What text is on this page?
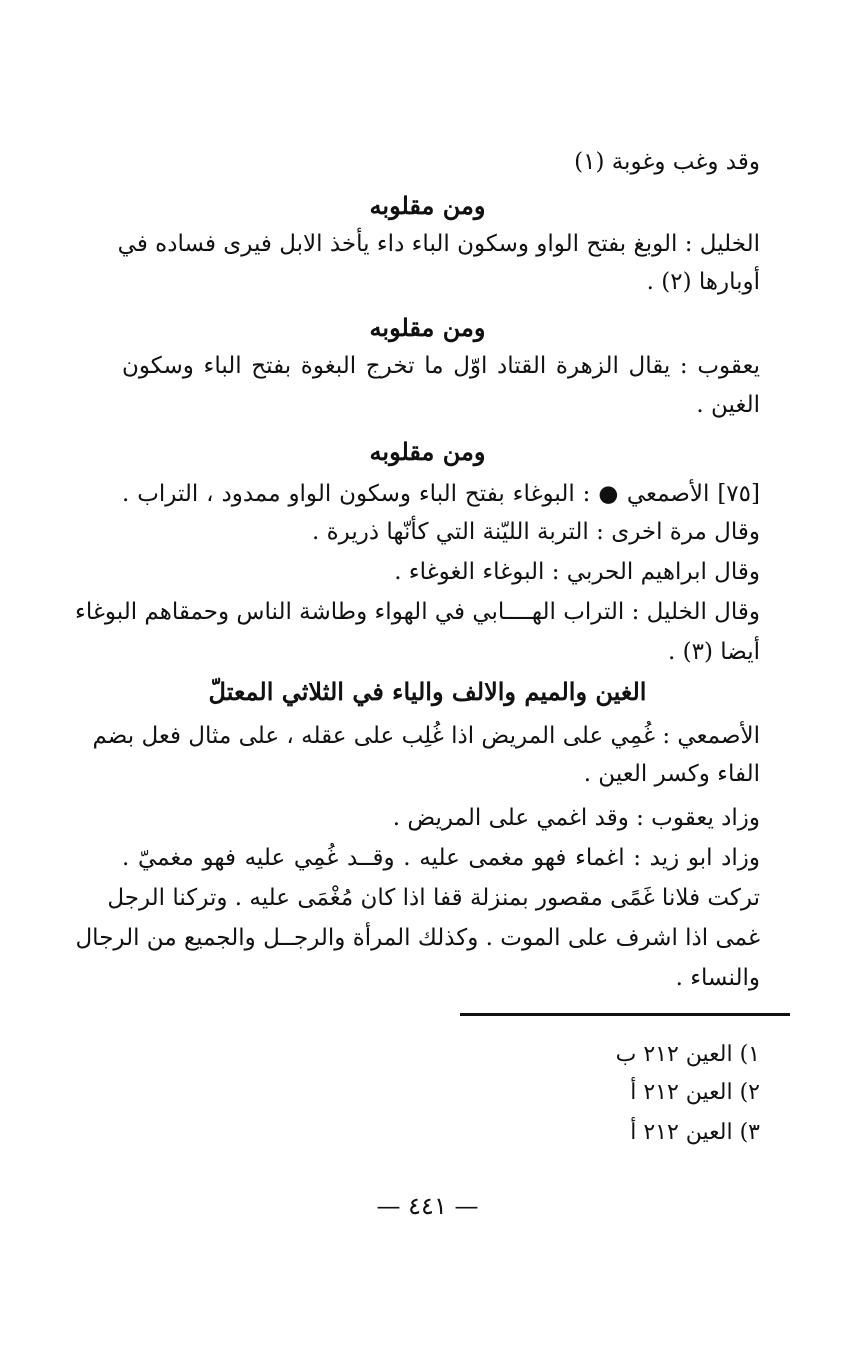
وقد وغب وغوبة (١)
ومن مقلوبه
الخليل : الوبغ بفتح الواو وسكون الباء داء يأخذ الابل فيرى فساده في
أوبارها (٢) .
ومن مقلوبه
يعقوب : يقال الزهرة القتاد اوّل ما تخرج البغوة بفتح الباء وسكون
الغين .
ومن مقلوبه
[٧٥] الأصمعي ● : البوغاء بفتح الباء وسكون الواو ممدود ، التراب .
وقال مرة اخرى : التربة الليّنة التي كأنّها ذريرة .
وقال ابراهيم الحربي : البوغاء الغوغاء .
وقال الخليل : التراب الهــــابي في الهواء وطاشة الناس وحمقاهم البوغاء
أيضا (٣) .
الغين والميم والالف والياء في الثلاثي المعتلّ
الأصمعي : غُمِي على المريض اذا غُلِب على عقله ، على مثال فعل بضم
الفاء وكسر العين .
وزاد يعقوب : وقد اغمي على المريض .
وزاد ابو زيد : اغماء فهو مغمى عليه . وقــد غُمِي عليه فهو مغميّ .
تركت فلانا غَمًى مقصور بمنزلة قفا اذا كان مُغْمَى عليه . وتركنا الرجل
غمى اذا اشرف على الموت . وكذلك المرأة والرجــل والجميع من الرجال
والنساء .
١) العين ٢١٢ ب
٢) العين ٢١٢ أ
٣) العين ٢١٢ أ
— ٤٤١ —
